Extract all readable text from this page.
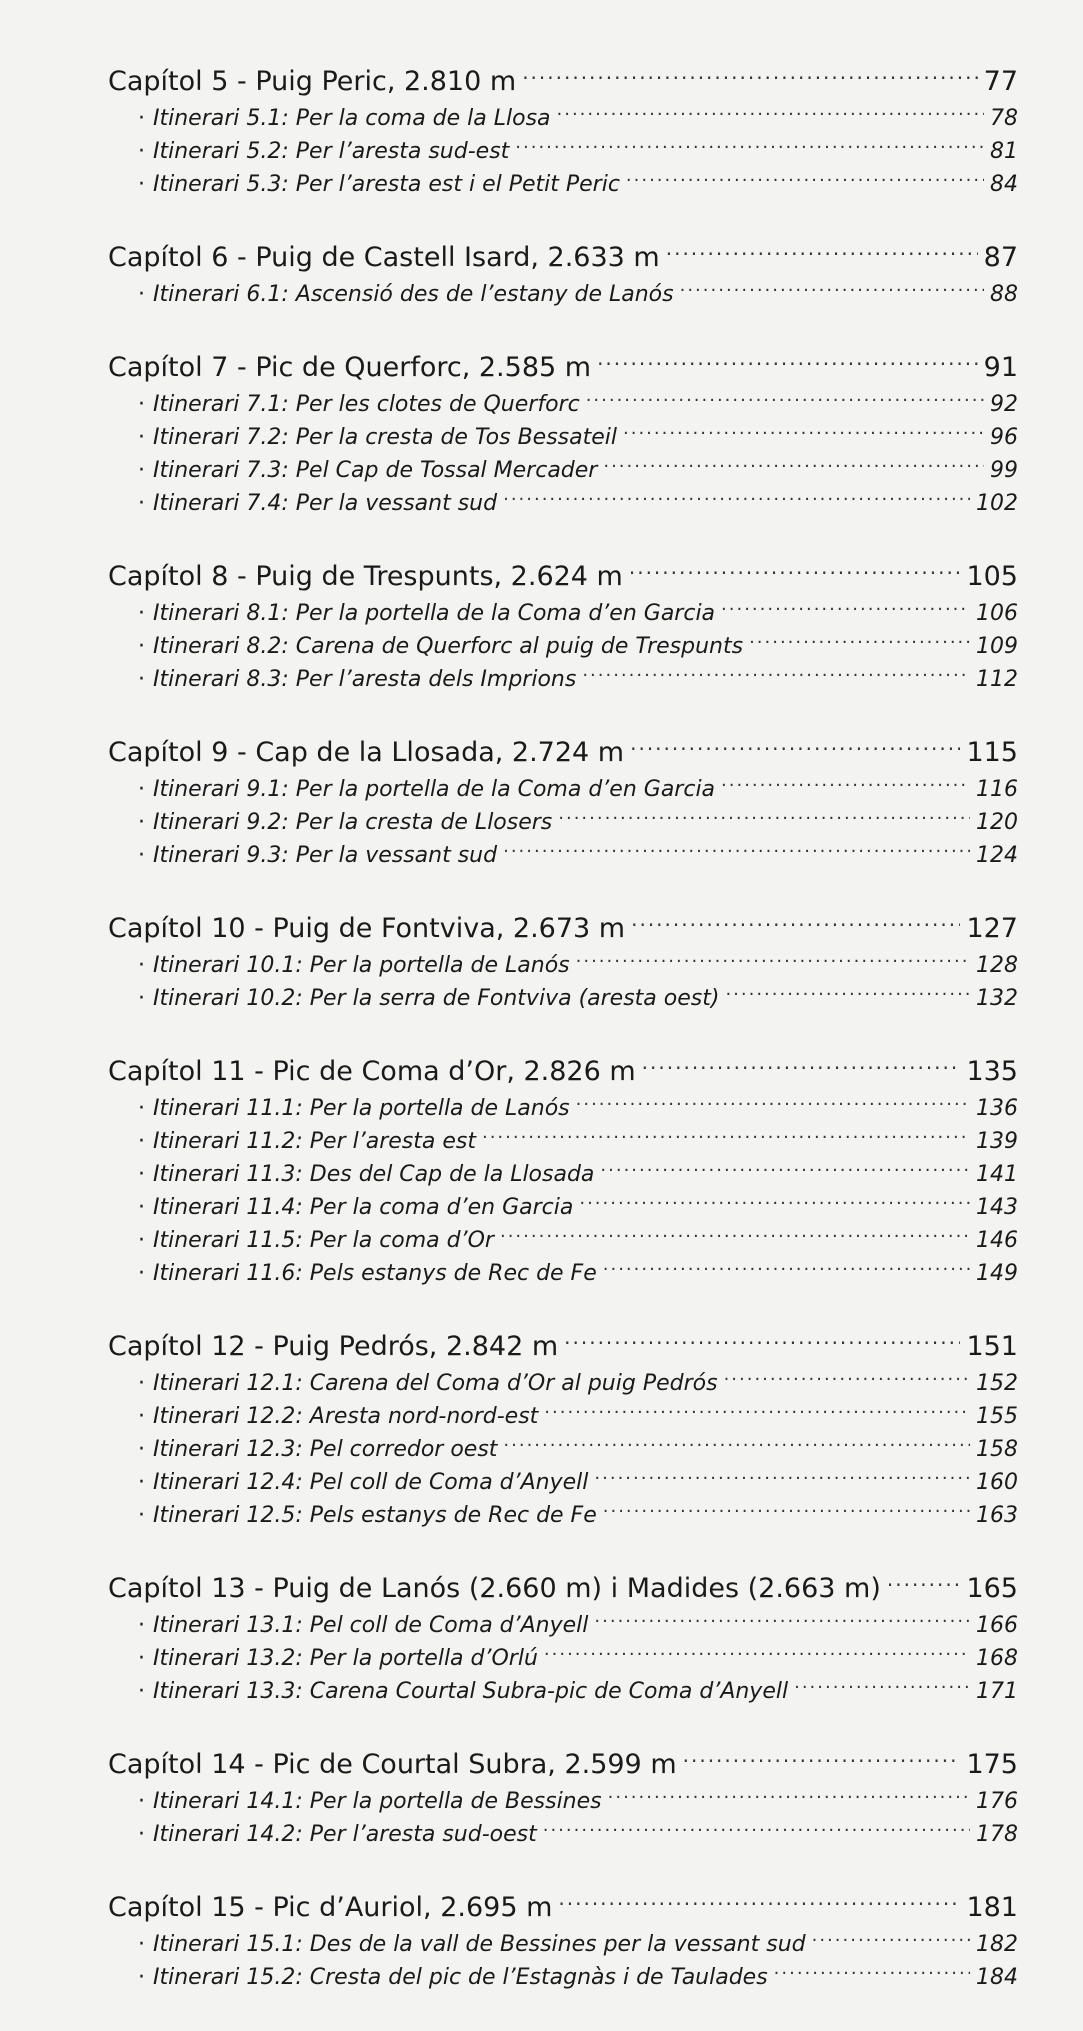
Capítol 5 - Puig Peric, 2.810 m .....	77
· Itinerari 5.1: Per la coma de la Llosa .....	78
· Itinerari 5.2: Per l’aresta sud-est .....	81
· Itinerari 5.3: Per l’aresta est i el Petit Peric .....	84
Capítol 6 - Puig de Castell Isard, 2.633 m .....	87
· Itinerari 6.1: Ascensió des de l’estany de Lanós .....	88
Capítol 7 - Pic de Querforc, 2.585 m .....	91
· Itinerari 7.1: Per les clotes de Querforc .....	92
· Itinerari 7.2: Per la cresta de Tos Bessateil .....	96
· Itinerari 7.3: Pel Cap de Tossal Mercader .....	99
· Itinerari 7.4: Per la vessant sud .....	102
Capítol 8 - Puig de Trespunts, 2.624 m .....	105
· Itinerari 8.1: Per la portella de la Coma d’en Garcia .....	106
· Itinerari 8.2: Carena de Querforc al puig de Trespunts .....	109
· Itinerari 8.3: Per l’aresta dels Imprions .....	112
Capítol 9 - Cap de la Llosada, 2.724 m .....	115
· Itinerari 9.1: Per la portella de la Coma d’en Garcia .....	116
· Itinerari 9.2: Per la cresta de Llosers .....	120
· Itinerari 9.3: Per la vessant sud .....	124
Capítol 10 - Puig de Fontviva, 2.673 m .....	127
· Itinerari 10.1: Per la portella de Lanós .....	128
· Itinerari 10.2: Per la serra de Fontviva (aresta oest) .....	132
Capítol 11 - Pic de Coma d’Or, 2.826 m .....	135
· Itinerari 11.1: Per la portella de Lanós .....	136
· Itinerari 11.2: Per l’aresta est .....	139
· Itinerari 11.3: Des del Cap de la Llosada .....	141
· Itinerari 11.4: Per la coma d’en Garcia .....	143
· Itinerari 11.5: Per la coma d’Or .....	146
· Itinerari 11.6: Pels estanys de Rec de Fe .....	149
Capítol 12 - Puig Pedrós, 2.842 m .....	151
· Itinerari 12.1: Carena del Coma d’Or al puig Pedrós .....	152
· Itinerari 12.2: Aresta nord-nord-est .....	155
· Itinerari 12.3: Pel corredor oest .....	158
· Itinerari 12.4: Pel coll de Coma d’Anyell .....	160
· Itinerari 12.5: Pels estanys de Rec de Fe .....	163
Capítol 13 - Puig de Lanós (2.660 m) i Madides (2.663 m) .....	165
· Itinerari 13.1: Pel coll de Coma d’Anyell .....	166
· Itinerari 13.2: Per la portella d’Orlú .....	168
· Itinerari 13.3: Carena Courtal Subra-pic de Coma d’Anyell .....	171
Capítol 14 - Pic de Courtal Subra, 2.599 m .....	175
· Itinerari 14.1: Per la portella de Bessines .....	176
· Itinerari 14.2: Per l’aresta sud-oest .....	178
Capítol 15 - Pic d’Auriol, 2.695 m .....	181
· Itinerari 15.1: Des de la vall de Bessines per la vessant sud .....	182
· Itinerari 15.2: Cresta del pic de l’Estagnàs i de Taulades .....	184
